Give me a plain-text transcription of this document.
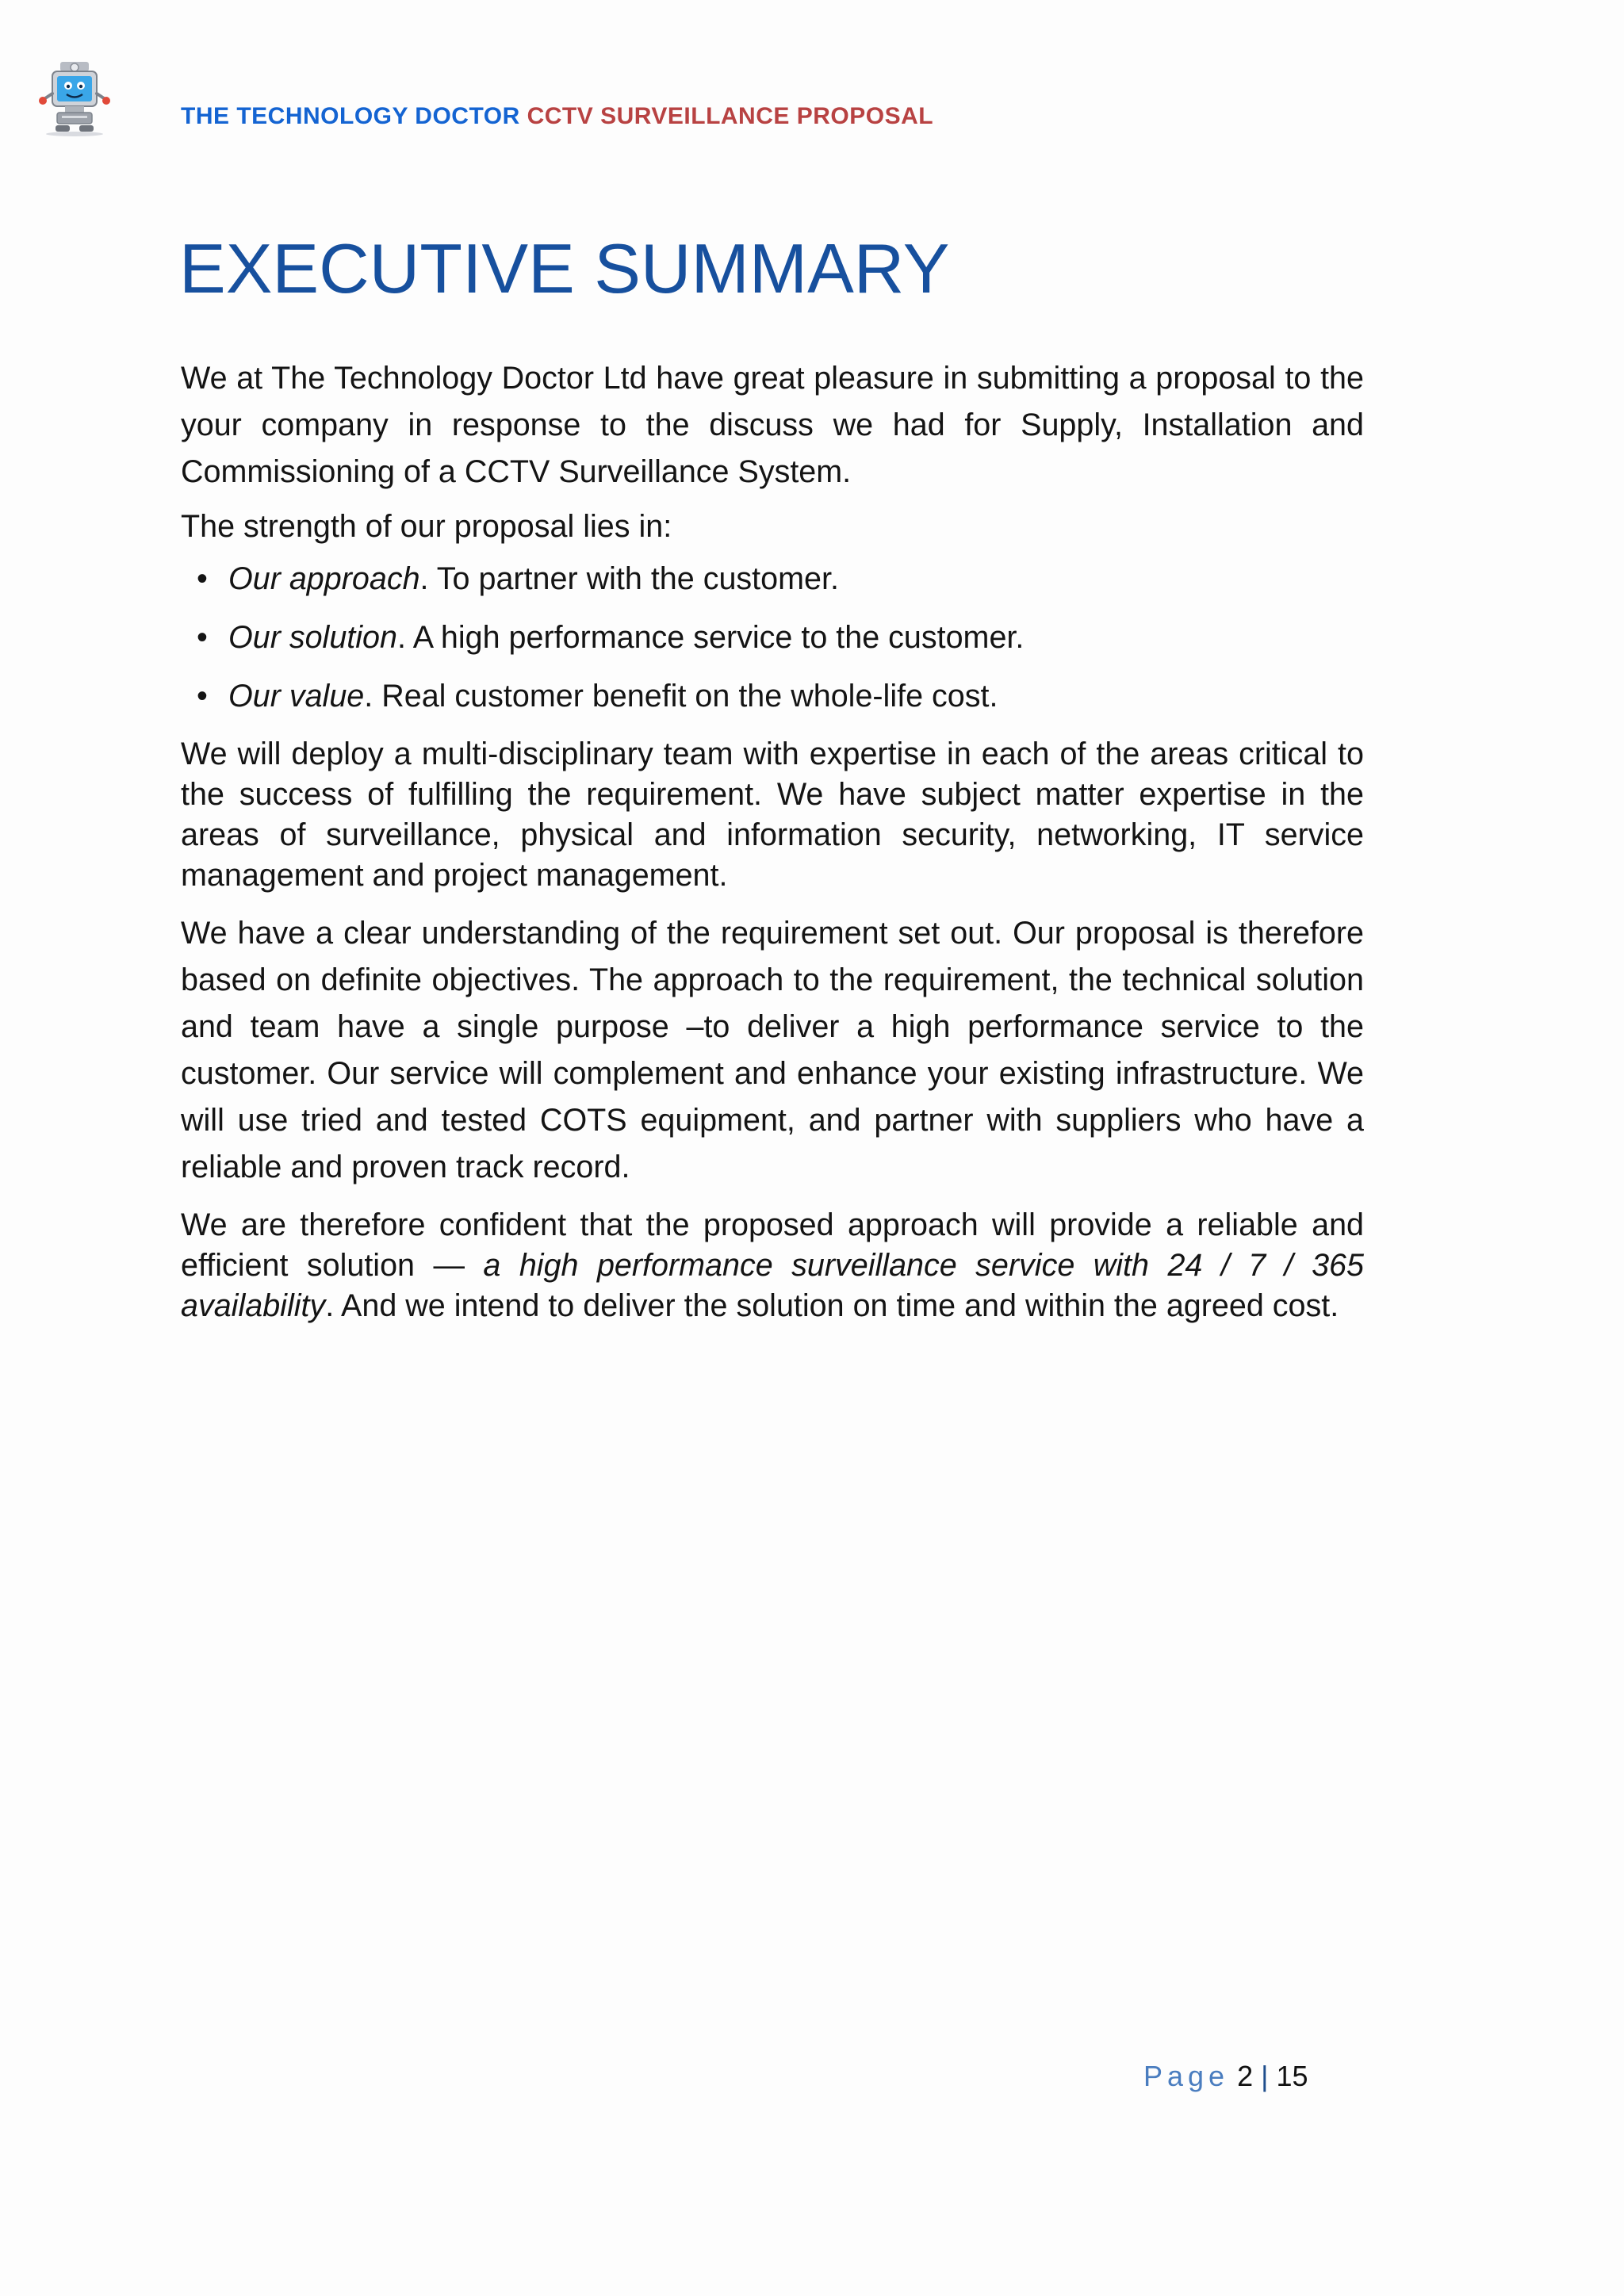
THE TECHNOLOGY DOCTOR CCTV SURVEILLANCE PROPOSAL
EXECUTIVE SUMMARY

We at The Technology Doctor Ltd have great pleasure in submitting a proposal to the your company in response to the discuss we had for Supply, Installation and Commissioning of a CCTV Surveillance System.

The strength of our proposal lies in:

• Our approach. To partner with the customer.
• Our solution. A high performance service to the customer.
• Our value. Real customer benefit on the whole-life cost.

We will deploy a multi-disciplinary team with expertise in each of the areas critical to the success of fulfilling the requirement. We have subject matter expertise in the areas of surveillance, physical and information security, networking, IT service management and project management.

We have a clear understanding of the requirement set out. Our proposal is therefore based on definite objectives. The approach to the requirement, the technical solution and team have a single purpose –to deliver a high performance service to the customer. Our service will complement and enhance your existing infrastructure. We will use tried and tested COTS equipment, and partner with suppliers who have a reliable and proven track record.

We are therefore confident that the proposed approach will provide a reliable and efficient solution — a high performance surveillance service with 24 / 7 / 365 availability. And we intend to deliver the solution on time and within the agreed cost.

Page 2 | 15
